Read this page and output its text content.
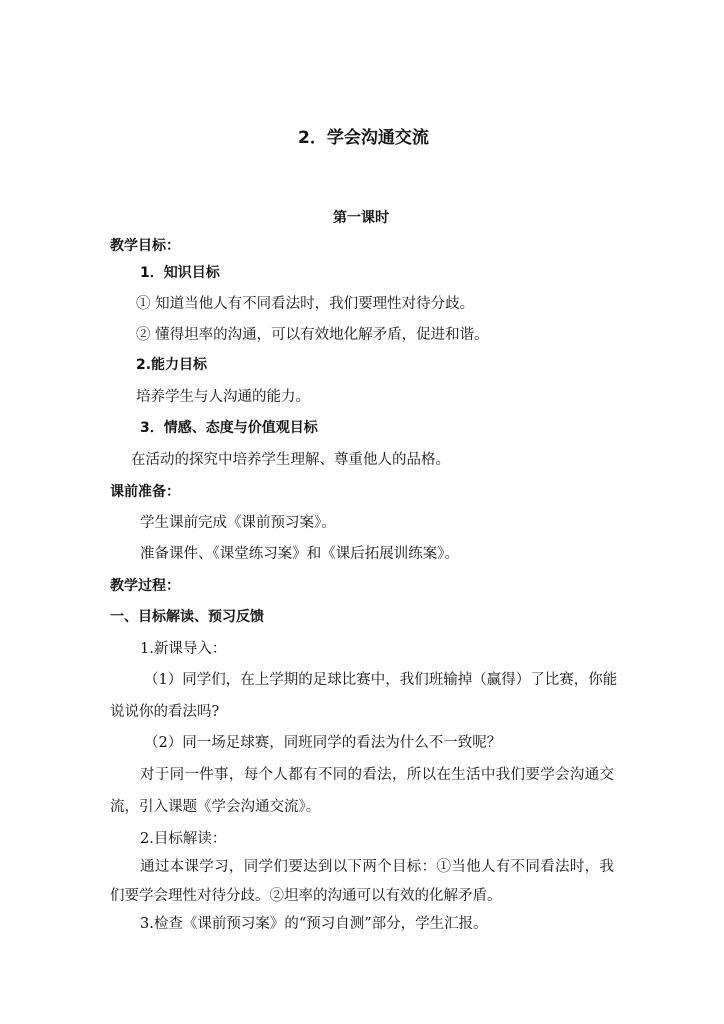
2．学会沟通交流
第一课时
教学目标：
1．知识目标
① 知道当他人有不同看法时，我们要理性对待分歧。
② 懂得坦率的沟通，可以有效地化解矛盾，促进和谐。
2.能力目标
培养学生与人沟通的能力。
3．情感、态度与价值观目标
在活动的探究中培养学生理解、尊重他人的品格。
课前准备：
学生课前完成《课前预习案》。
准备课件、《课堂练习案》和《课后拓展训练案》。
教学过程：
一、目标解读、预习反馈
1.新课导入：
（1）同学们，在上学期的足球比赛中，我们班输掉（赢得）了比赛，你能
说说你的看法吗?
（2）同一场足球赛，同班同学的看法为什么不一致呢？
对于同一件事，每个人都有不同的看法，所以在生活中我们要学会沟通交
流，引入课题《学会沟通交流》。
2.目标解读：
通过本课学习，同学们要达到以下两个目标：①当他人有不同看法时，我
们要学会理性对待分歧。②坦率的沟通可以有效的化解矛盾。
3.检查《课前预习案》的“预习自测”部分，学生汇报。
